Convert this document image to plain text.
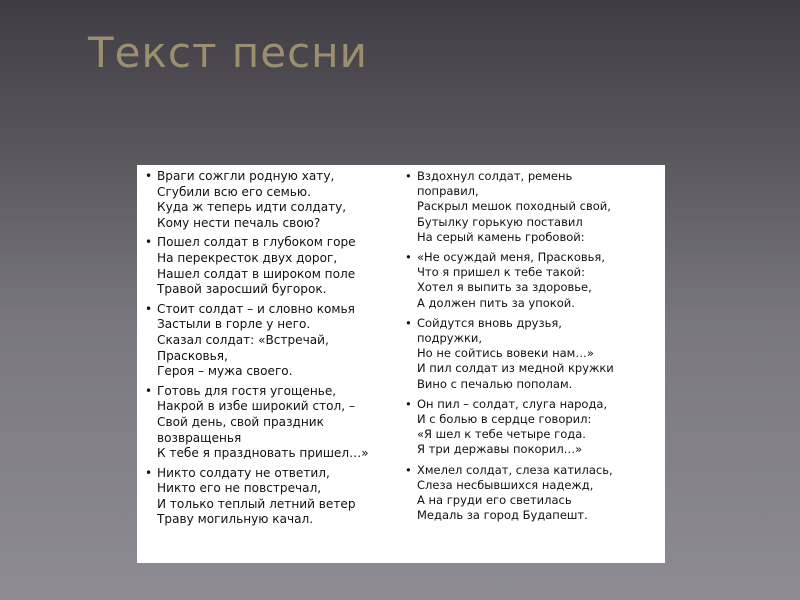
Текст песни
• Враги сожгли родную хату,
Сгубили всю его семью.
Куда ж теперь идти солдату,
Кому нести печаль свою?
• Пошел солдат в глубоком горе
На перекресток двух дорог,
Нашел солдат в широком поле
Травой заросший бугорок.
• Стоит солдат – и словно комья
Застыли в горле у него.
Сказал солдат: «Встречай,
Прасковья,
Героя – мужа своего.
• Готовь для гостя угощенье,
Накрой в избе широкий стол, –
Свой день, свой праздник
возвращенья
К тебе я праздновать пришел…»
• Никто солдату не ответил,
Никто его не повстречал,
И только теплый летний ветер
Траву могильную качал.
• Вздохнул солдат, ремень
поправил,
Раскрыл мешок походный свой,
Бутылку горькую поставил
На серый камень гробовой:
• «Не осуждай меня, Прасковья,
Что я пришел к тебе такой:
Хотел я выпить за здоровье,
А должен пить за упокой.
• Сойдутся вновь друзья,
подружки,
Но не сойтись вовеки нам…»
И пил солдат из медной кружки
Вино с печалью пополам.
• Он пил – солдат, слуга народа,
И с болью в сердце говорил:
«Я шел к тебе четыре года.
Я три державы покорил…»
• Хмелел солдат, слеза катилась,
Слеза несбывшихся надежд,
А на груди его светилась
Медаль за город Будапешт.
